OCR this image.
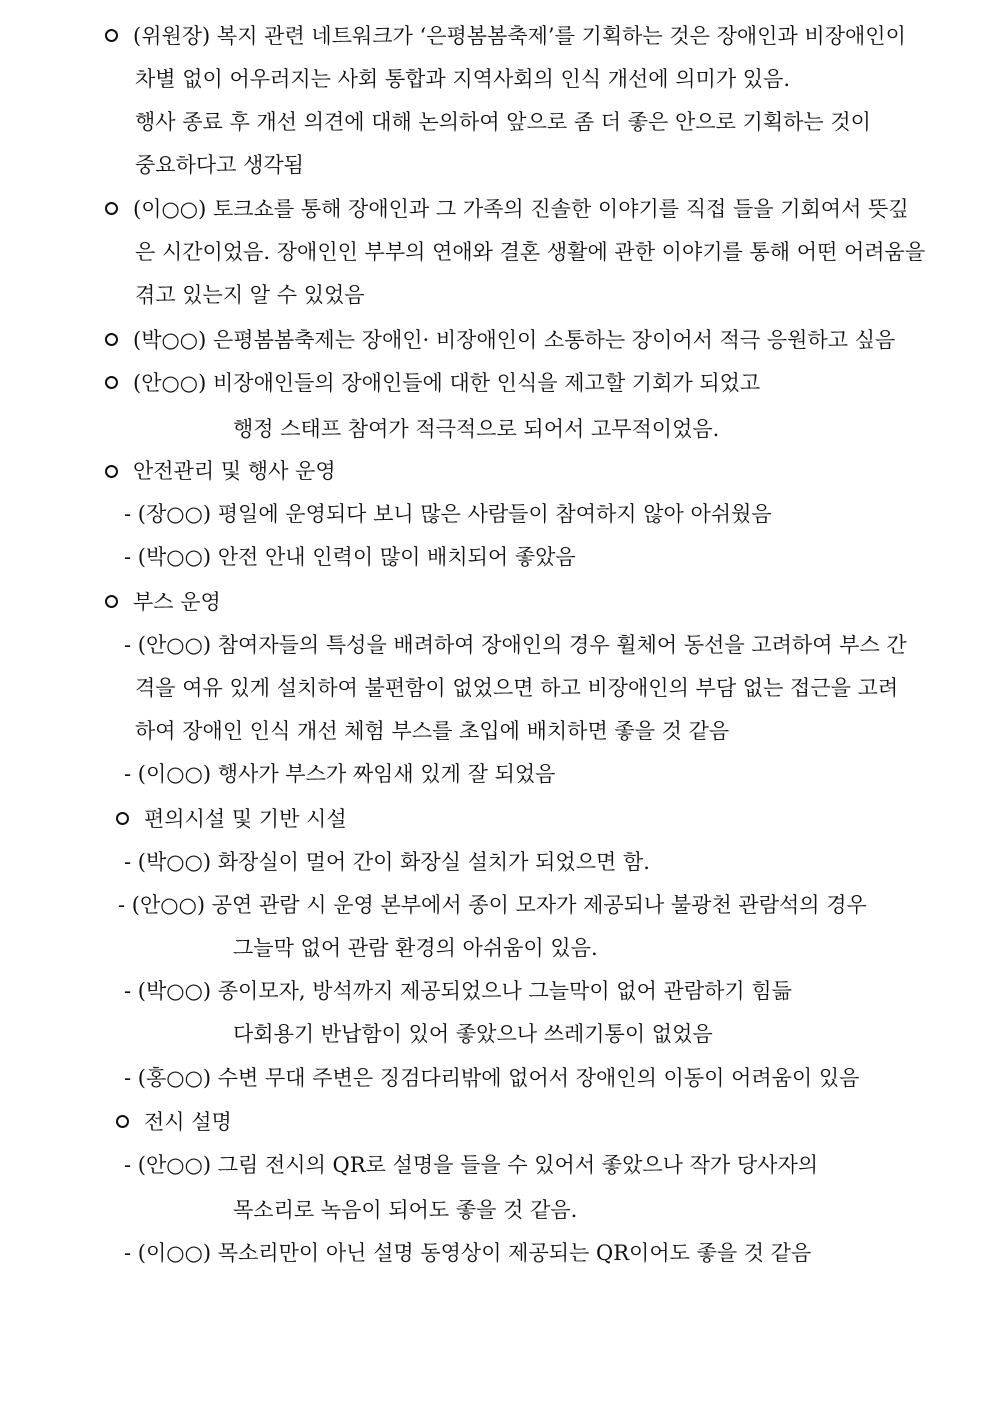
(위원장) 복지 관련 네트워크가 ‘은평봄봄축제’를 기획하는 것은 장애인과 비장애인이
차별 없이 어우러지는 사회 통합과 지역사회의 인식 개선에 의미가 있음.
행사 종료 후 개선 의견에 대해 논의하여 앞으로 좀 더 좋은 안으로 기획하는 것이
중요하다고 생각됨
(이○○) 토크쇼를 통해 장애인과 그 가족의 진솔한 이야기를 직접 들을 기회여서 뜻깊
은 시간이었음. 장애인인 부부의 연애와 결혼 생활에 관한 이야기를 통해 어떤 어려움을
겪고 있는지 알 수 있었음
(박○○) 은평봄봄축제는 장애인· 비장애인이 소통하는 장이어서 적극 응원하고 싶음
(안○○) 비장애인들의 장애인들에 대한 인식을 제고할 기회가 되었고
행정 스태프 참여가 적극적으로 되어서 고무적이었음.
안전관리 및 행사 운영
- (장○○) 평일에 운영되다 보니 많은 사람들이 참여하지 않아 아쉬웠음
- (박○○) 안전 안내 인력이 많이 배치되어 좋았음
부스 운영
- (안○○) 참여자들의 특성을 배려하여 장애인의 경우 휠체어 동선을 고려하여 부스 간
격을 여유 있게 설치하여 불편함이 없었으면 하고 비장애인의 부담 없는 접근을 고려
하여 장애인 인식 개선 체험 부스를 초입에 배치하면 좋을 것 같음
- (이○○) 행사가 부스가 짜임새 있게 잘 되었음
편의시설 및 기반 시설
- (박○○) 화장실이 멀어 간이 화장실 설치가 되었으면 함.
- (안○○) 공연 관람 시 운영 본부에서 종이 모자가 제공되나 불광천 관람석의 경우
그늘막 없어 관람 환경의 아쉬움이 있음.
- (박○○) 종이모자, 방석까지 제공되었으나 그늘막이 없어 관람하기 힘듦
다회용기 반납함이 있어 좋았으나 쓰레기통이 없었음
- (홍○○) 수변 무대 주변은 징검다리밖에 없어서 장애인의 이동이 어려움이 있음
전시 설명
- (안○○) 그림 전시의 QR로 설명을 들을 수 있어서 좋았으나 작가 당사자의
목소리로 녹음이 되어도 좋을 것 같음.
- (이○○) 목소리만이 아닌 설명 동영상이 제공되는 QR이어도 좋을 것 같음
